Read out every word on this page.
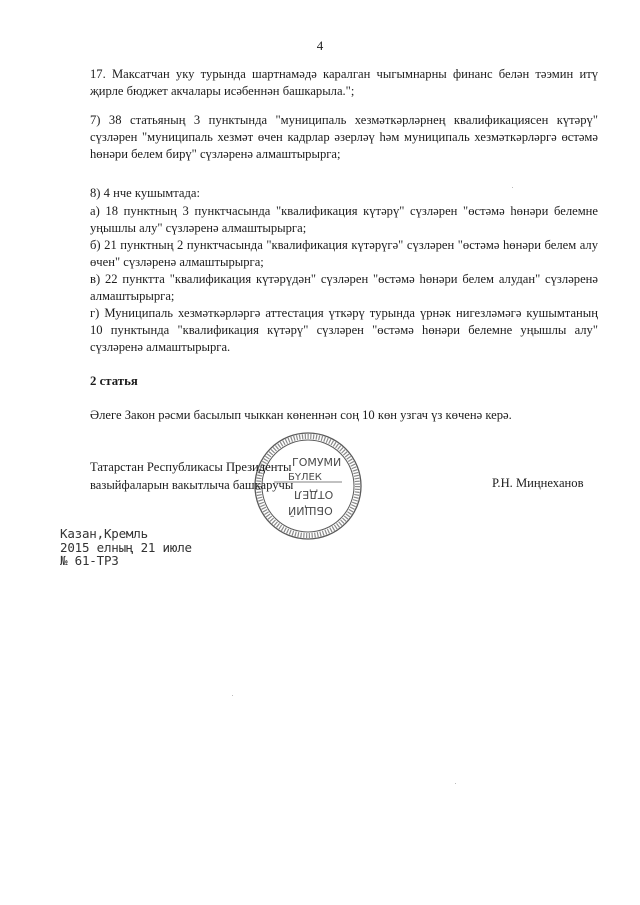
4

17. Максатчан уку турында шартнамәдә каралган чыгымнарны финанс белән тәэмин итү җирле бюджет акчалары исәбеннән башкарыла.";

7) 38 статьяның 3 пунктында "муниципаль хезмәткәрләрнең квалификациясен күтәрү" сүзләрен "муниципаль хезмәт өчен кадрлар әзерләү һәм муниципаль хезмәткәрләргә өстәмә һөнәри белем бирү" сүзләренә алмаштырырга;

8) 4 нче кушымтада:

а) 18 пунктның 3 пунктчасында "квалификация күтәрү" сүзләрен "өстәмә һөнәри белемне уңышлы алу" сүзләренә алмаштырырга;

б) 21 пунктның 2 пунктчасында "квалификация күтәрүгә" сүзләрен "өстәмә һөнәри белем алу өчен" сүзләренә алмаштырырга;

в) 22 пунктта "квалификация күтәрүдән" сүзләрен "өстәмә һөнәри белем алудан" сүзләренә алмаштырырга;

г) Муниципаль хезмәткәрләргә аттестация үткәрү турында үрнәк нигезләмәгә кушымтаның 10 пунктында "квалификация күтәрү" сүзләрен "өстәмә һөнәри белемне уңышлы алу" сүзләренә алмаштырырга.

2 статья

Әлеге Закон рәсми басылып чыккан көненнән соң 10 көн узгач үз көченә керә.

ГОМУМИ
БҮЛЕК
ОТДЕЛ
ОБЩИЙ
Татарстан Республикасы Президенты
вазыйфаларын вакытлыча башкаручы	Р.Н. Миңнеханов
Казан,Кремль
2015 елның 21 июле
№ 61-ТРЗ
